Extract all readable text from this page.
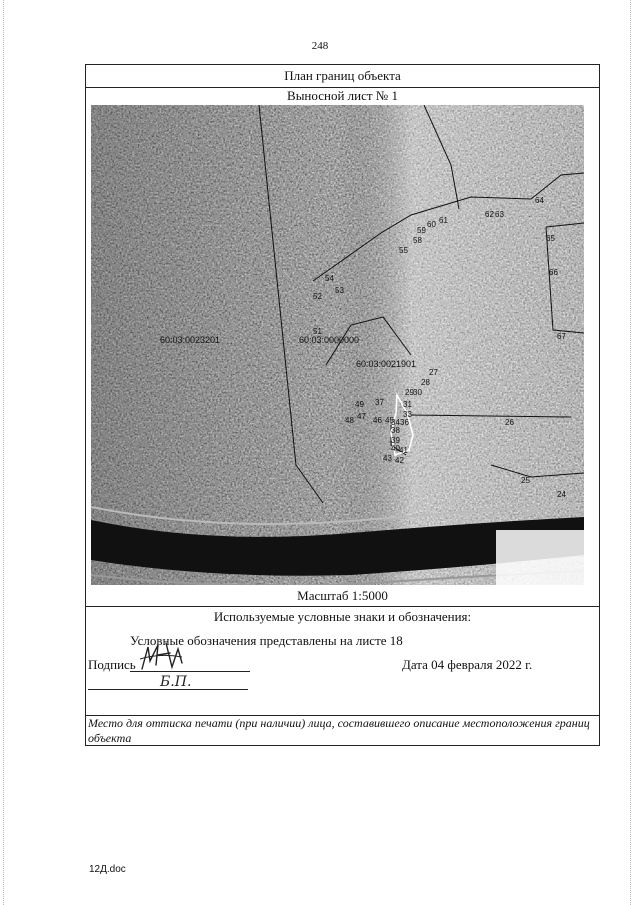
248
План границ объекта
Выносной лист № 1
60:03:0023201	60:03:0000000
60:03:0021901
51
52
53
54
55
58
59
60 61
62 63
64
65
66
67
27
28
29 30
31
33
34 36
37
38
39
40 41
42
43
45
46
47
48
49
24
25
26
Масштаб 1:5000
Используемые условные знаки и обозначения:
Условные обозначения представлены на листе 18
Подпись
Б.П.
Дата 04 февраля 2022 г.
Место для оттиска печати (при наличии) лица, составившего описание местоположения границ объекта
12Д.doc
